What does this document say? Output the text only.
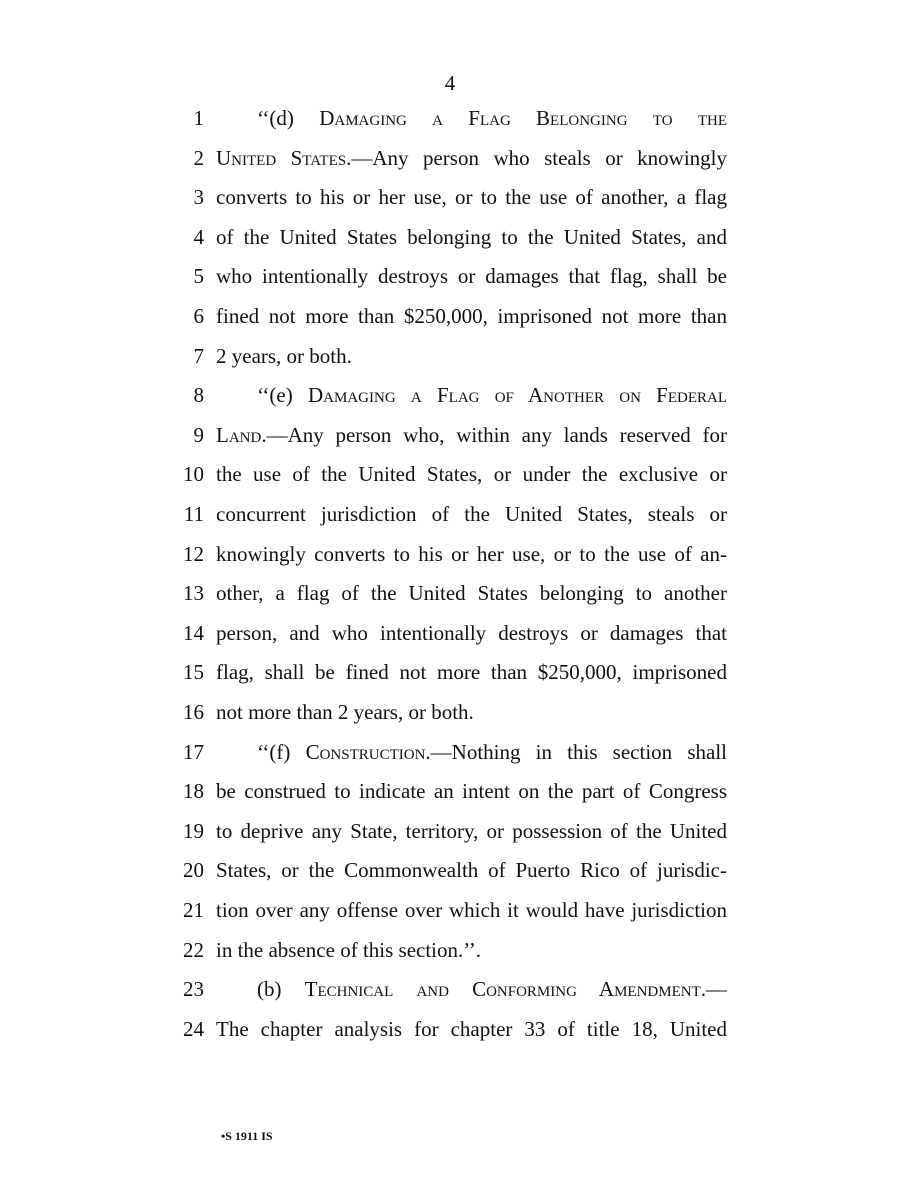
4
1	‘‘(d) Damaging a Flag Belonging to the
2 United States.—Any person who steals or knowingly
3 converts to his or her use, or to the use of another, a flag
4 of the United States belonging to the United States, and
5 who intentionally destroys or damages that flag, shall be
6 fined not more than $250,000, imprisoned not more than
7 2 years, or both.
8	‘‘(e) Damaging a Flag of Another on Federal
9 Land.—Any person who, within any lands reserved for
10 the use of the United States, or under the exclusive or
11 concurrent jurisdiction of the United States, steals or
12 knowingly converts to his or her use, or to the use of an-
13 other, a flag of the United States belonging to another
14 person, and who intentionally destroys or damages that
15 flag, shall be fined not more than $250,000, imprisoned
16 not more than 2 years, or both.
17	‘‘(f) Construction.—Nothing in this section shall
18 be construed to indicate an intent on the part of Congress
19 to deprive any State, territory, or possession of the United
20 States, or the Commonwealth of Puerto Rico of jurisdic-
21 tion over any offense over which it would have jurisdiction
22 in the absence of this section.’’.
23	(b) Technical and Conforming Amendment.—
24 The chapter analysis for chapter 33 of title 18, United
•S 1911 IS
